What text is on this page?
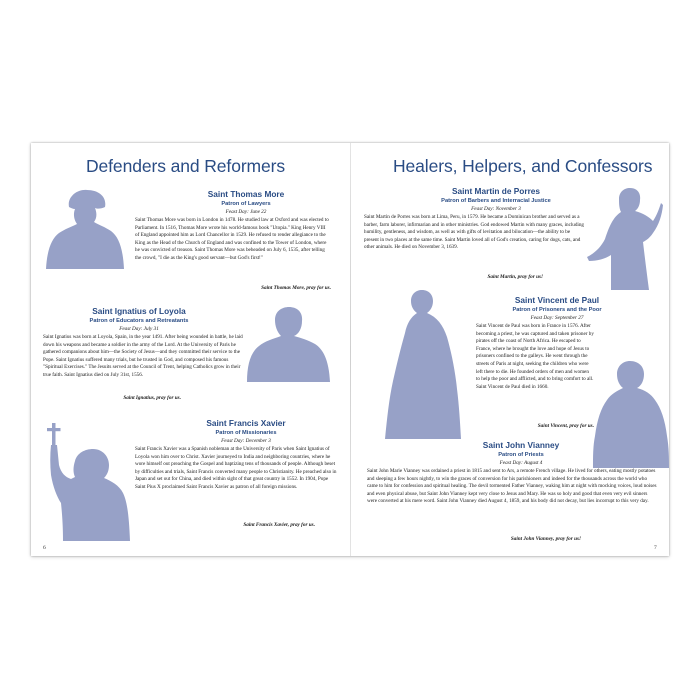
Defenders and Reformers
Saint Thomas More
Patron of Lawyers
Feast Day: June 22

Saint Thomas More was born in London in 1478. He studied law at Oxford and was elected to Parliament. In 1516, Thomas More wrote his world-famous book "Utopia." King Henry VIII of England appointed him as Lord Chancellor in 1529. He refused to render allegiance to the King as the Head of the Church of England and was confined to the Tower of London, where he was convicted of treason. Saint Thomas More was beheaded on July 6, 1535, after telling the crowd, "I die as the King's good servant—but God's first!"

Saint Thomas More, pray for us.
Saint Ignatius of Loyola
Patron of Educators and Retreatants
Feast Day: July 31

Saint Ignatius was born at Loyola, Spain, in the year 1491. After being wounded in battle, he laid down his weapons and became a soldier in the army of the Lord. At the University of Paris he gathered companions about him—the Society of Jesus—and they committed their service to the Pope. Saint Ignatius suffered many trials, but he trusted in God, and composed his famous "Spiritual Exercises." The Jesuits served at the Council of Trent, helping Catholics grow in their true faith. Saint Ignatius died on July 31st, 1556.

Saint Ignatius, pray for us.
Saint Francis Xavier
Patron of Missionaries
Feast Day: December 3

Saint Francis Xavier was a Spanish nobleman at the University of Paris when Saint Ignatius of Loyola won him over to Christ. Xavier journeyed to India and neighboring countries, where he wore himself out preaching the Gospel and baptizing tens of thousands of people. Although beset by difficulties and trials, Saint Francis converted many people to Christianity. He preached also in Japan and set out for China, and died within sight of that great country in 1552. In 1904, Pope Saint Pius X proclaimed Saint Francis Xavier as patron of all foreign missions.

Saint Francis Xavier, pray for us.
6
Healers, Helpers, and Confessors
Saint Martin de Porres
Patron of Barbers and Interracial Justice
Feast Day: November 3

Saint Martin de Porres was born at Lima, Peru, in 1579. He became a Dominican brother and served as a barber, farm laborer, infirmarian and in other ministries. God endowed Martin with many graces, including humility, gentleness, and wisdom, as well as with gifts of levitation and bilocation—the ability to be present in two places at the same time. Saint Martin loved all of God's creation, caring for dogs, cats, and other animals. He died on November 3, 1639.

Saint Martin, pray for us!
Saint Vincent de Paul
Patron of Prisoners and the Poor
Feast Day: September 27

Saint Vincent de Paul was born in France in 1576. After becoming a priest, he was captured and taken prisoner by pirates off the coast of North Africa. He escaped to France, where he brought the love and hope of Jesus to prisoners confined to the galleys. He went through the streets of Paris at night, seeking the children who were left there to die. He founded orders of men and women to help the poor and afflicted, and to bring comfort to all. Saint Vincent de Paul died in 1660.

Saint Vincent, pray for us.
Saint John Vianney
Patron of Priests
Feast Day: August 4

Saint John Marie Vianney was ordained a priest in 1815 and sent to Ars, a remote French village. He lived for others, eating mostly potatoes and sleeping a few hours nightly, to win the graces of conversion for his parishioners and indeed for the thousands across the world who came to him for confession and spiritual healing. The devil tormented Father Vianney, waking him at night with mocking voices, loud noises and even physical abuse, but Saint John Vianney kept very close to Jesus and Mary. He was so holy and good that even very evil sinners were converted at his mere word. Saint John Vianney died August 4, 1859, and his body did not decay, but lies incorrupt to this very day.

Saint John Vianney, pray for us!
7
